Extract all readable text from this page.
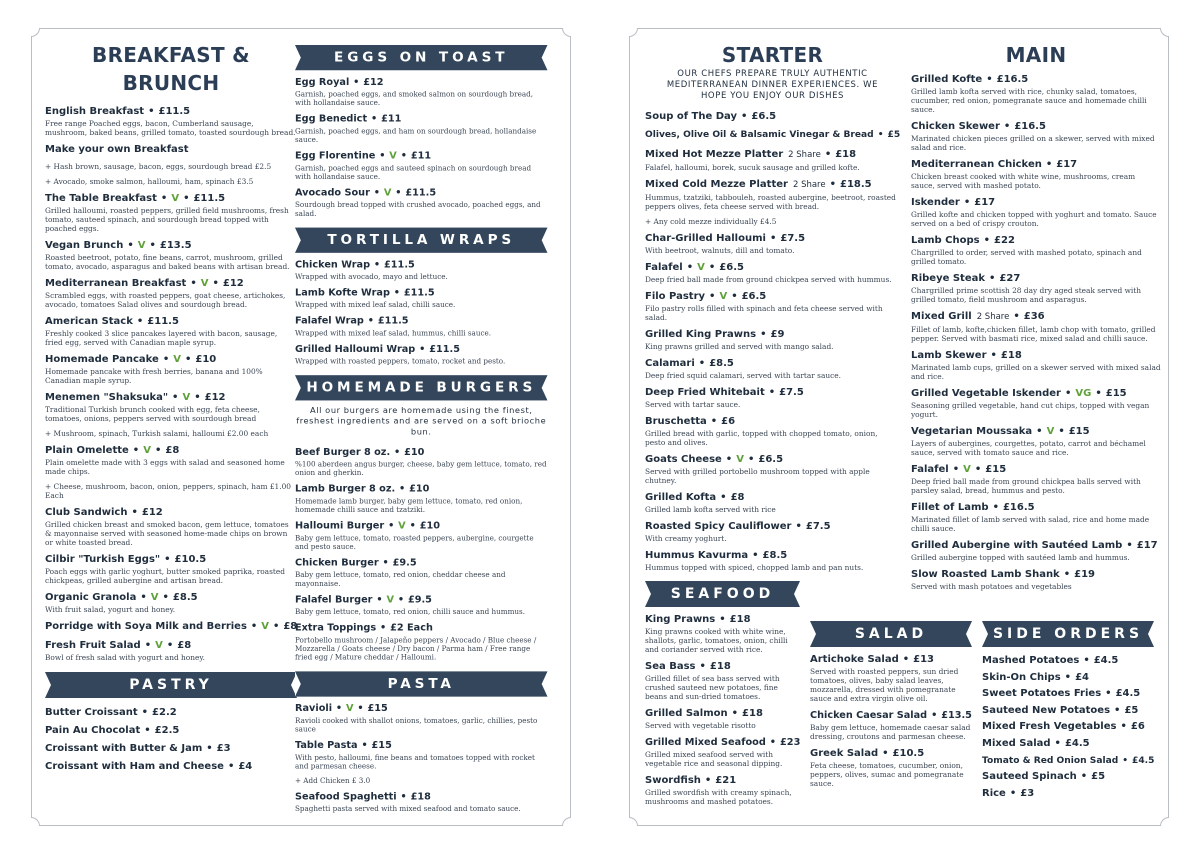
BREAKFAST & BRUNCH
English Breakfast • £11.5
Free range Poached eggs, bacon, Cumberland sausage, mushroom, baked beans, grilled tomato, toasted sourdough bread.
Make your own Breakfast
+ Hash brown, sausage, bacon, eggs, sourdough bread £2.5
+ Avocado, smoke salmon, halloumi, ham, spinach £3.5
The Table Breakfast • V • £11.5
Grilled halloumi, roasted peppers, grilled field mushrooms, fresh tomato, sauteed spinach, and sourdough bread topped with poached eggs.
Vegan Brunch • V • £13.5
Roasted beetroot, potato, fine beans, carrot, mushroom, grilled tomato, avocado, asparagus and baked beans with artisan bread.
Mediterranean Breakfast • V • £12
Scrambled eggs, with roasted peppers, goat cheese, artichokes, avocado, tomatoes Salad olives and sourdough bread.
American Stack • £11.5
Freshly cooked 3 slice pancakes layered with bacon, sausage, fried egg, served with Canadian maple syrup.
Homemade Pancake • V • £10
Homemade pancake with fresh berries, banana and 100% Canadian maple syrup.
Menemen "Shaksuka" • V • £12
Traditional Turkish brunch cooked with egg, feta cheese, tomatoes, onions, peppers served with sourdough bread
+ Mushroom, spinach, Turkish salami, halloumi £2.00 each
Plain Omelette • V • £8
Plain omelette made with 3 eggs with salad and seasoned home made chips.
+ Cheese, mushroom, bacon, onion, peppers, spinach, ham £1.00 Each
Club Sandwich • £12
Grilled chicken breast and smoked bacon, gem lettuce, tomatoes & mayonnaise served with seasoned home-made chips on brown or white toasted bread.
Cilbir "Turkish Eggs" • £10.5
Poach eggs with garlic yoghurt, butter smoked paprika, roasted chickpeas, grilled aubergine and artisan bread.
Organic Granola • V • £8.5
With fruit salad, yogurt and honey.
Porridge with Soya Milk and Berries • V • £8
Fresh Fruit Salad • V • £8
Bowl of fresh salad with yogurt and honey.
PASTRY
Butter Croissant • £2.2
Pain Au Chocolat • £2.5
Croissant with Butter & Jam • £3
Croissant with Ham and Cheese • £4
EGGS ON TOAST
Egg Royal • £12
Garnish, poached eggs, and smoked salmon on sourdough bread, with hollandaise sauce.
Egg Benedict • £11
Garnish, poached eggs, and ham on sourdough bread, hollandaise sauce.
Egg Florentine • V • £11
Garnish, poached eggs and sauteed spinach on sourdough bread with hollandaise sauce.
Avocado Sour • V • £11.5
Sourdough bread topped with crushed avocado, poached eggs, and salad.
TORTILLA WRAPS
Chicken Wrap • £11.5
Wrapped with avocado, mayo and lettuce.
Lamb Kofte Wrap • £11.5
Wrapped with mixed leaf salad, chilli sauce.
Falafel Wrap • £11.5
Wrapped with mixed leaf salad, hummus, chilli sauce.
Grilled Halloumi Wrap • £11.5
Wrapped with roasted peppers, tomato, rocket and pesto.
HOMEMADE BURGERS
All our burgers are homemade using the finest, freshest ingredients and are served on a soft brioche bun.
Beef Burger 8 oz. • £10
%100 aberdeen angus burger, cheese, baby gem lettuce, tomato, red onion and gherkin.
Lamb Burger 8 oz. • £10
Homemade lamb burger, baby gem lettuce, tomato, red onion, homemade chilli sauce and tzatziki.
Halloumi Burger • V • £10
Baby gem lettuce, tomato, roasted peppers, aubergine, courgette and pesto sauce.
Chicken Burger • £9.5
Baby gem lettuce, tomato, red onion, cheddar cheese and mayonnaise.
Falafel Burger • V • £9.5
Baby gem lettuce, tomato, red onion, chilli sauce and hummus.
Extra Toppings • £2 Each
Portobello mushroom / Jalapeño peppers / Avocado / Blue cheese / Mozzarella / Goats cheese / Dry bacon / Parma ham / Free range fried egg / Mature cheddar / Halloumi.
PASTA
Ravioli • V • £15
Ravioli cooked with shallot onions, tomatoes, garlic, chillies, pesto sauce
Table Pasta • £15
With pesto, halloumi, fine beans and tomatoes topped with rocket and parmesan cheese.
+ Add Chicken £ 3.0
Seafood Spaghetti • £18
Spaghetti pasta served with mixed seafood and tomato sauce.
STARTER
OUR CHEFS PREPARE TRULY AUTHENTIC MEDITERRANEAN DINNER EXPERIENCES. WE HOPE YOU ENJOY OUR DISHES
Soup of The Day • £6.5
Olives, Olive Oil & Balsamic Vinegar & Bread • £5
Mixed Hot Mezze Platter 2 Share • £18
Falafel, halloumi, borek, sucuk sausage and grilled kofte.
Mixed Cold Mezze Platter 2 Share • £18.5
Hummus, tzatziki, tabbouleh, roasted aubergine, beetroot, roasted peppers olives, feta cheese served with bread.
+ Any cold mezze individually £4.5
Char-Grilled Halloumi • £7.5
With beetroot, walnuts, dill and tomato.
Falafel • V • £6.5
Deep fried ball made from ground chickpea served with hummus.
Filo Pastry • V • £6.5
Filo pastry rolls filled with spinach and feta cheese served with salad.
Grilled King Prawns • £9
King prawns grilled and served with mango salad.
Calamari • £8.5
Deep fried squid calamari, served with tartar sauce.
Deep Fried Whitebait • £7.5
Served with tartar sauce.
Bruschetta • £6
Grilled bread with garlic, topped with chopped tomato, onion, pesto and olives.
Goats Cheese • V • £6.5
Served with grilled portobello mushroom topped with apple chutney.
Grilled Kofta • £8
Grilled lamb kofta served with rice
Roasted Spicy Cauliflower • £7.5
With creamy yoghurt.
Hummus Kavurma • £8.5
Hummus topped with spiced, chopped lamb and pan nuts.
MAIN
Grilled Kofte • £16.5
Grilled lamb kofta served with rice, chunky salad, tomatoes, cucumber, red onion, pomegranate sauce and homemade chilli sauce.
Chicken Skewer • £16.5
Marinated chicken pieces grilled on a skewer, served with mixed salad and rice.
Mediterranean Chicken • £17
Chicken breast cooked with white wine, mushrooms, cream sauce, served with mashed potato.
Iskender • £17
Grilled kofte and chicken topped with yoghurt and tomato. Sauce served on a bed of crispy crouton.
Lamb Chops • £22
Chargrilled to order, served with mashed potato, spinach and grilled tomato.
Ribeye Steak • £27
Chargrilled prime scottish 28 day dry aged steak served with grilled tomato, field mushroom and asparagus.
Mixed Grill 2 Share • £36
Fillet of lamb, kofte,chicken fillet, lamb chop with tomato, grilled pepper. Served with basmati rice, mixed salad and chilli sauce.
Lamb Skewer • £18
Marinated lamb cups, grilled on a skewer served with mixed salad and rice.
Grilled Vegetable Iskender • VG • £15
Seasoning grilled vegetable, hand cut chips, topped with vegan yogurt.
Vegetarian Moussaka • V • £15
Layers of aubergines, courgettes, potato, carrot and béchamel sauce, served with tomato sauce and rice.
Falafel • V • £15
Deep fried ball made from ground chickpea balls served with parsley salad, bread, hummus and pesto.
Fillet of Lamb • £16.5
Marinated fillet of lamb served with salad, rice and home made chilli sauce.
Grilled Aubergine with Sautéed Lamb • £17
Grilled aubergine topped with sautéed lamb and hummus.
Slow Roasted Lamb Shank • £19
Served with mash potatoes and vegetables
SEAFOOD
King Prawns • £18
King prawns cooked with white wine, shallots, garlic, tomatoes, onion, chilli and coriander served with rice.
Sea Bass • £18
Grilled fillet of sea bass served with crushed sauteed new potatoes, fine beans and sun-dried tomatoes.
Grilled Salmon • £18
Served with vegetable risotto
Grilled Mixed Seafood • £23
Grilled mixed seafood served with vegetable rice and seasonal dipping.
Swordfish • £21
Grilled swordfish with creamy spinach, mushrooms and mashed potatoes.
SALAD
Artichoke Salad • £13
Served with roasted peppers, sun dried tomatoes, olives, baby salad leaves, mozzarella, dressed with pomegranate sauce and extra virgin olive oil.
Chicken Caesar Salad • £13.5
Baby gem lettuce, homemade caesar salad dressing, croutons and parmesan cheese.
Greek Salad • £10.5
Feta cheese, tomatoes, cucumber, onion, peppers, olives, sumac and pomegranate sauce.
SIDE ORDERS
Mashed Potatoes • £4.5
Skin-On Chips • £4
Sweet Potatoes Fries • £4.5
Sauteed New Potatoes • £5
Mixed Fresh Vegetables • £6
Mixed Salad • £4.5
Tomato & Red Onion Salad • £4.5
Sauteed Spinach • £5
Rice • £3
